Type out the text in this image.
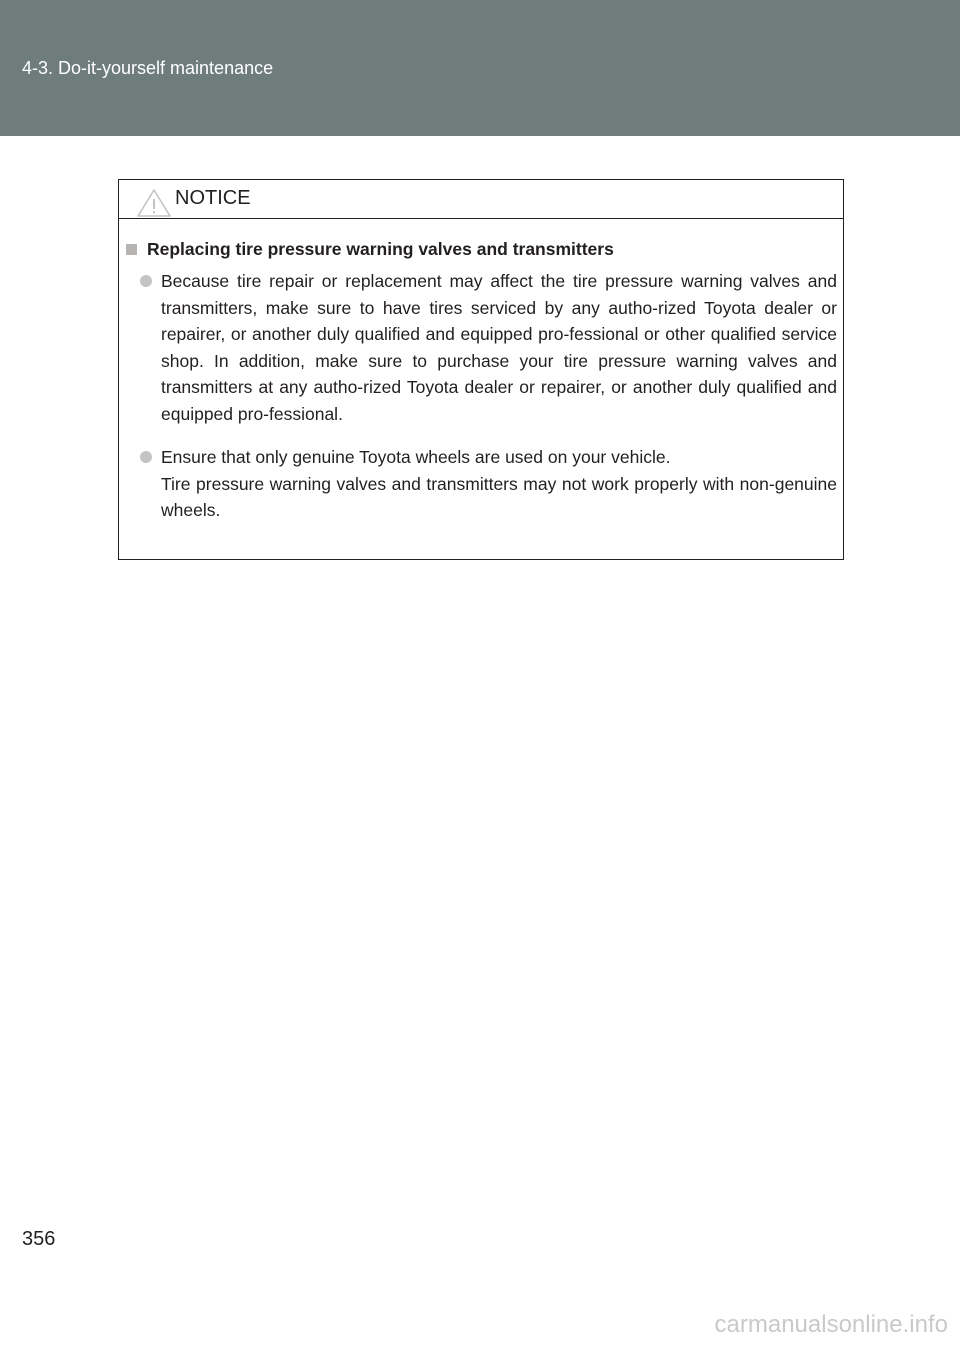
4-3. Do-it-yourself maintenance
NOTICE
Replacing tire pressure warning valves and transmitters
Because tire repair or replacement may affect the tire pressure warning valves and transmitters, make sure to have tires serviced by any autho-rized Toyota dealer or repairer, or another duly qualified and equipped pro-fessional or other qualified service shop. In addition, make sure to purchase your tire pressure warning valves and transmitters at any autho-rized Toyota dealer or repairer, or another duly qualified and equipped pro-fessional.
Ensure that only genuine Toyota wheels are used on your vehicle.
Tire pressure warning valves and transmitters may not work properly with non-genuine wheels.
356
carmanualsonline.info
